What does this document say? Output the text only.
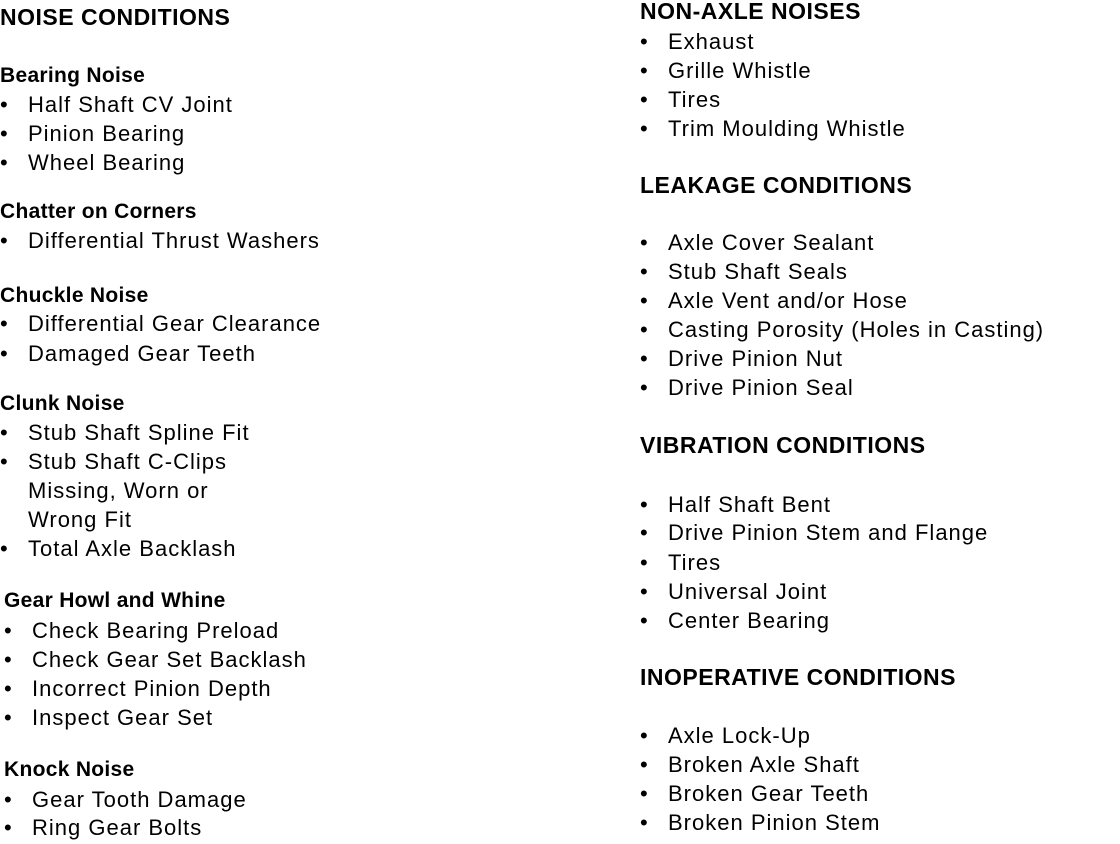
NOISE CONDITIONS
Bearing Noise

• Half Shaft CV Joint

• Pinion Bearing

• Wheel Bearing

Chatter on Corners

• Differential Thrust Washers

Chuckle Noise

• Differential Gear Clearance

• Damaged Gear Teeth

Clunk Noise

• Stub Shaft Spline Fit

• Stub Shaft C-Clips

Missing, Worn or

Wrong Fit

• Total Axle Backlash

Gear Howl and Whine

• Check Bearing Preload

• Check Gear Set Backlash

• Incorrect Pinion Depth

• Inspect Gear Set

Knock Noise

• Gear Tooth Damage

• Ring Gear Bolts

NON-AXLE NOISES

• Exhaust

• Grille Whistle

• Tires

• Trim Moulding Whistle

LEAKAGE CONDITIONS

• Axle Cover Sealant

• Stub Shaft Seals

• Axle Vent and/or Hose

• Casting Porosity (Holes in Casting)

• Drive Pinion Nut

• Drive Pinion Seal

VIBRATION CONDITIONS

• Half Shaft Bent

• Drive Pinion Stem and Flange

• Tires

• Universal Joint

• Center Bearing

INOPERATIVE CONDITIONS

• Axle Lock-Up

• Broken Axle Shaft

• Broken Gear Teeth

• Broken Pinion Stem
